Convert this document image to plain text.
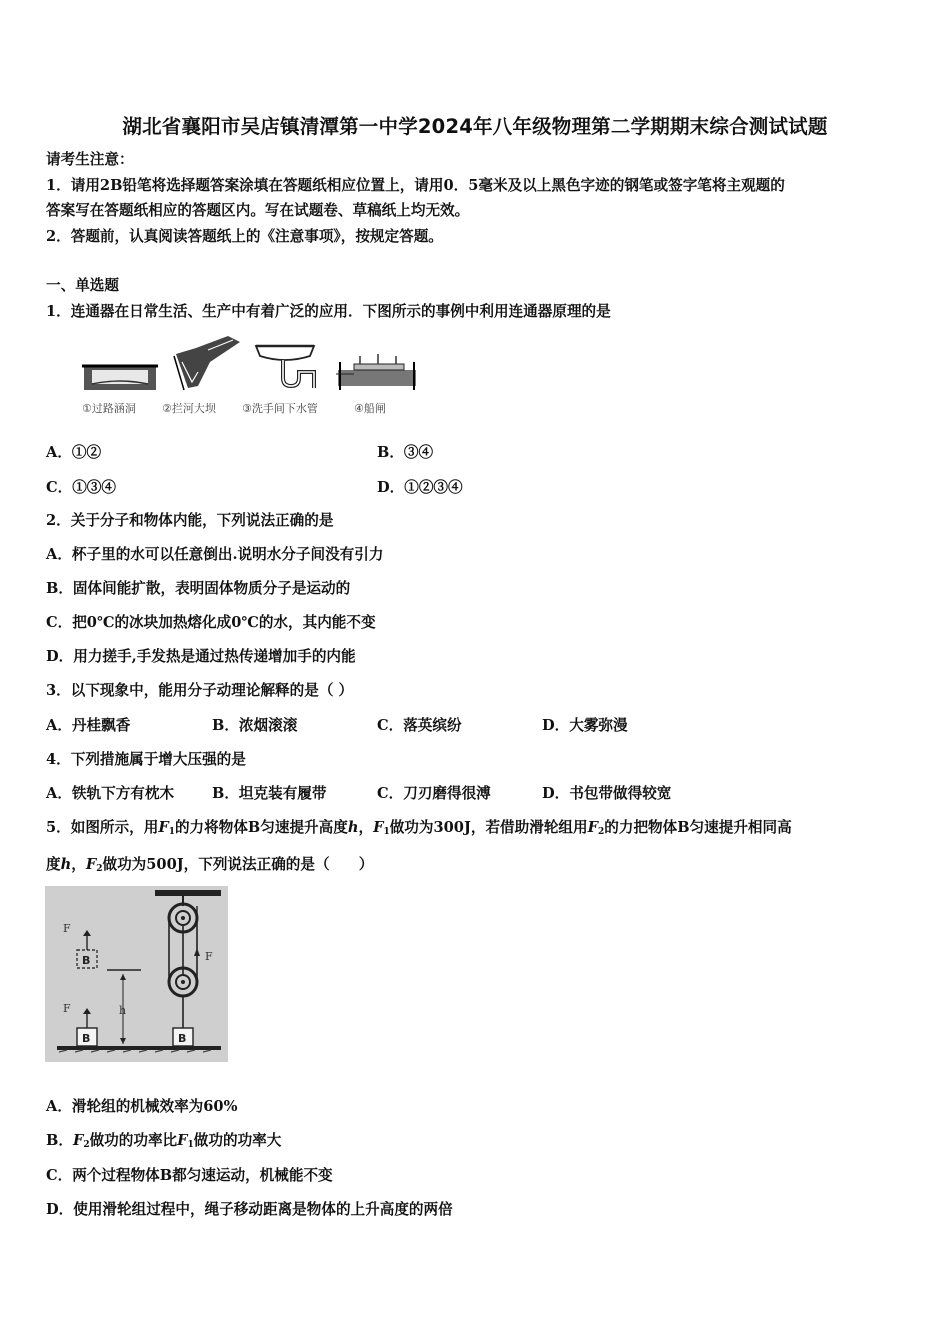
湖北省襄阳市吴店镇清潭第一中学2024年八年级物理第二学期期末综合测试试题
请考生注意：
1．请用2B铅笔将选择题答案涂填在答题纸相应位置上，请用0．5毫米及以上黑色字迹的钢笔或签字笔将主观题的
答案写在答题纸相应的答题区内。写在试题卷、草稿纸上均无效。
2．答题前，认真阅读答题纸上的《注意事项》，按规定答题。
一、单选题
1．连通器在日常生活、生产中有着广泛的应用．下图所示的事例中利用连通器原理的是
①过路涵洞 ②拦河大坝 ③洗手间下水管	④船闸
A．①②	B．③④
C．①③④	D．①②③④
2．关于分子和物体内能，下列说法正确的是
A．杯子里的水可以任意倒出.说明水分子间没有引力
B．固体间能扩散，表明固体物质分子是运动的
C．把0℃的冰块加热熔化成0℃的水，其内能不变
D．用力搓手,手发热是通过热传递增加手的内能
3．以下现象中，能用分子动理论解释的是（ ）
A．丹桂飘香	B．浓烟滚滚	C．落英缤纷	D．大雾弥漫
4．下列措施属于增大压强的是
A．铁轨下方有枕木	B．坦克装有履带	C．刀刃磨得很溥	D．书包带做得较宽
5．如图所示，用$F_1$的力将物体B匀速提升高度h，$F_1$做功为300J，若借助滑轮组用$F_2$的力把物体B匀速提升相同高
度h，$F_2$做功为500J，下列说法正确的是（　　）
B
F
B
F	h
F
B
A．滑轮组的机械效率为60%
B．$F_2$做功的功率比$F_1$做功的功率大
C．两个过程物体B都匀速运动，机械能不变
D．使用滑轮组过程中，绳子移动距离是物体的上升高度的两倍
